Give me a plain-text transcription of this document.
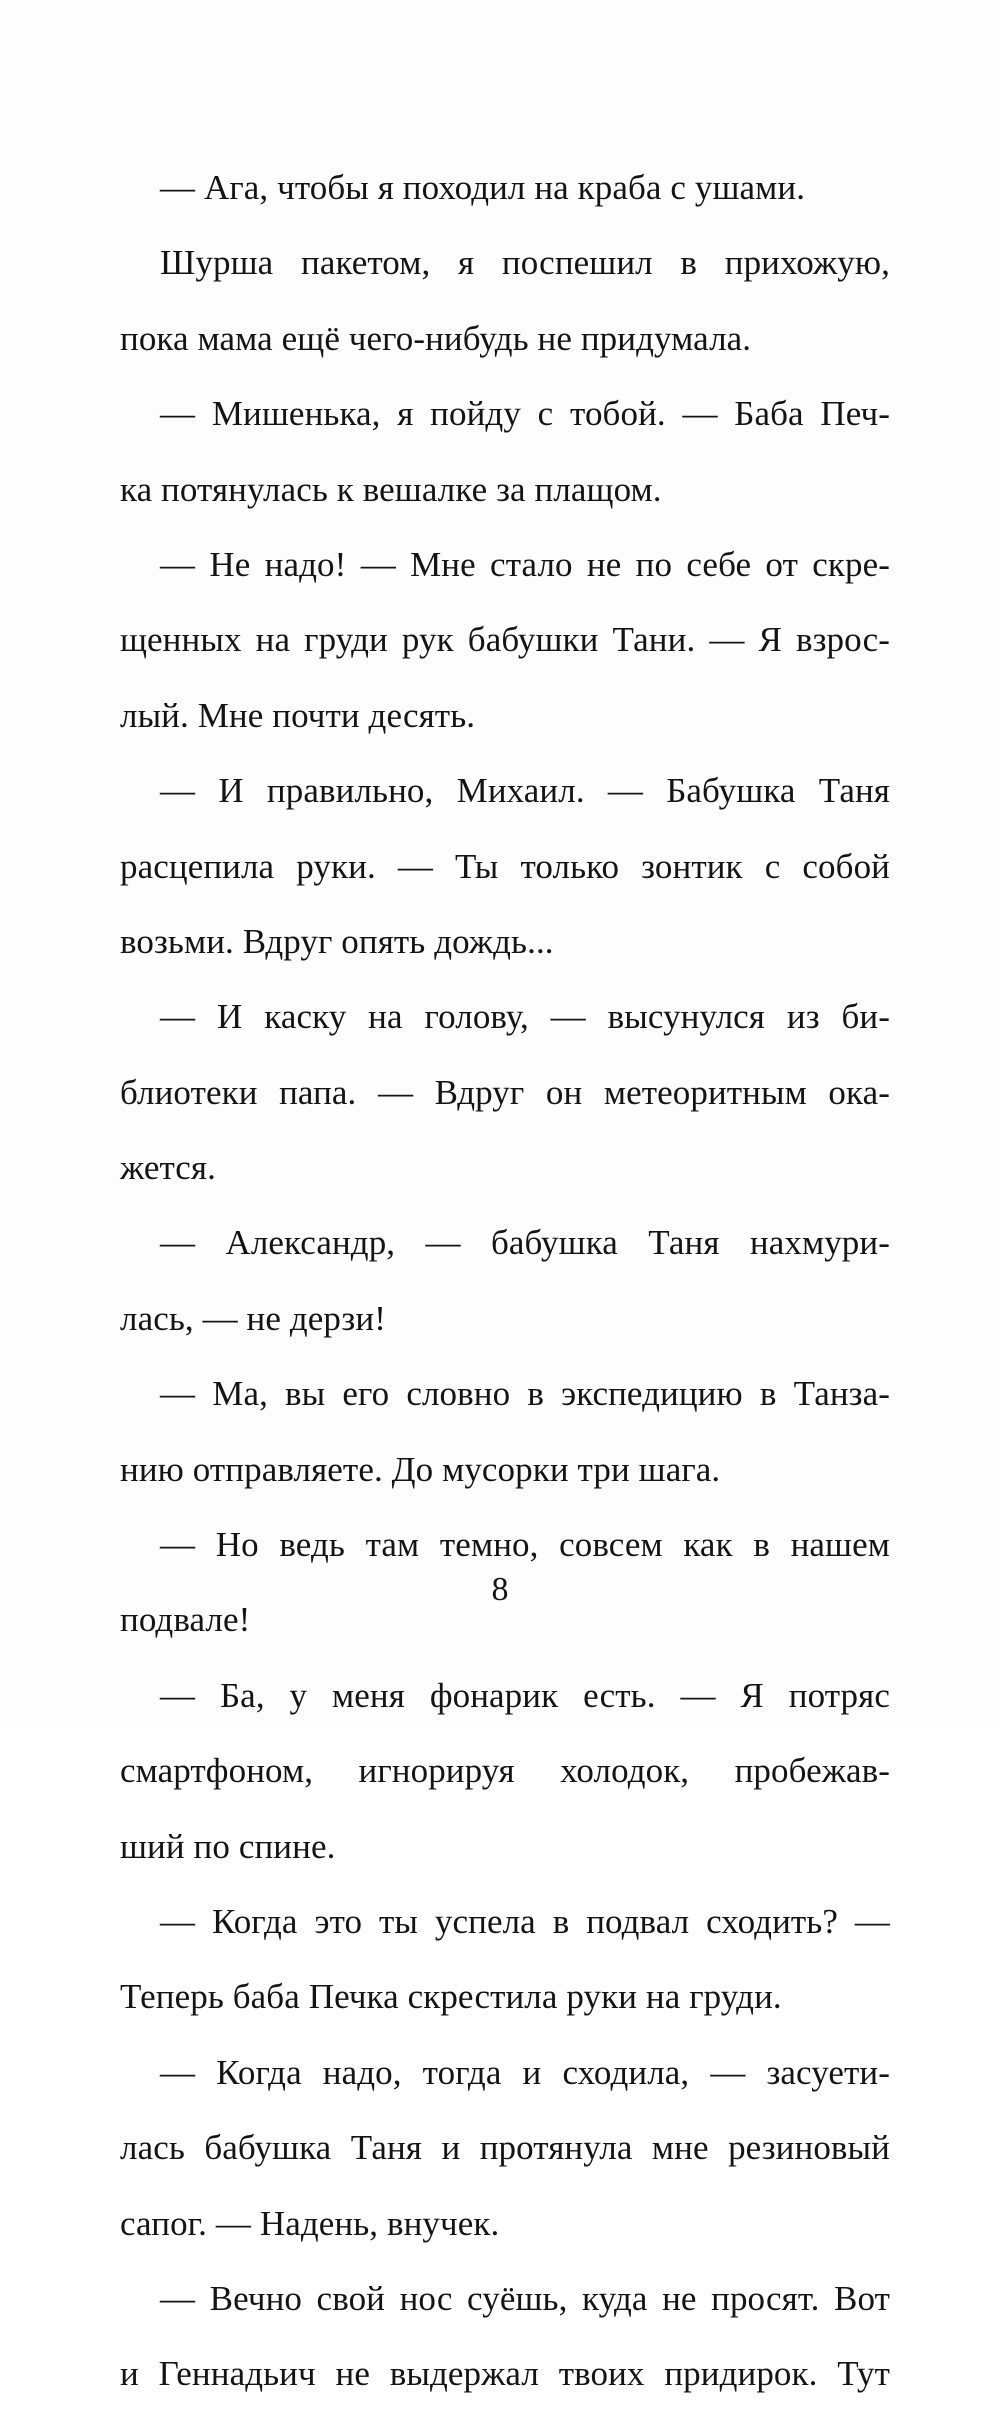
— Ага, чтобы я походил на краба с ушами.
Шурша пакетом, я поспешил в прихожую,
пока мама ещё чего-нибудь не придумала.
— Мишенька, я пойду с тобой. — Баба Печ-
ка потянулась к вешалке за плащом.
— Не надо! — Мне стало не по себе от скре-
щенных на груди рук бабушки Тани. — Я взрос-
лый. Мне почти десять.
— И правильно, Михаил. — Бабушка Таня
расцепила руки. — Ты только зонтик с собой
возьми. Вдруг опять дождь...
— И каску на голову, — высунулся из би-
блиотеки папа. — Вдруг он метеоритным ока-
жется.
— Александр, — бабушка Таня нахмури-
лась, — не дерзи!
— Ма, вы его словно в экспедицию в Танза-
нию отправляете. До мусорки три шага.
— Но ведь там темно, совсем как в нашем
подвале!
— Ба, у меня фонарик есть. — Я потряс
смартфоном, игнорируя холодок, пробежав-
ший по спине.
— Когда это ты успела в подвал сходить? —
Теперь баба Печка скрестила руки на груди.
— Когда надо, тогда и сходила, — засуети-
лась бабушка Таня и протянула мне резиновый
сапог. — Надень, внучек.
— Вечно свой нос суёшь, куда не просят. Вот
и Геннадьич не выдержал твоих придирок. Тут
8
